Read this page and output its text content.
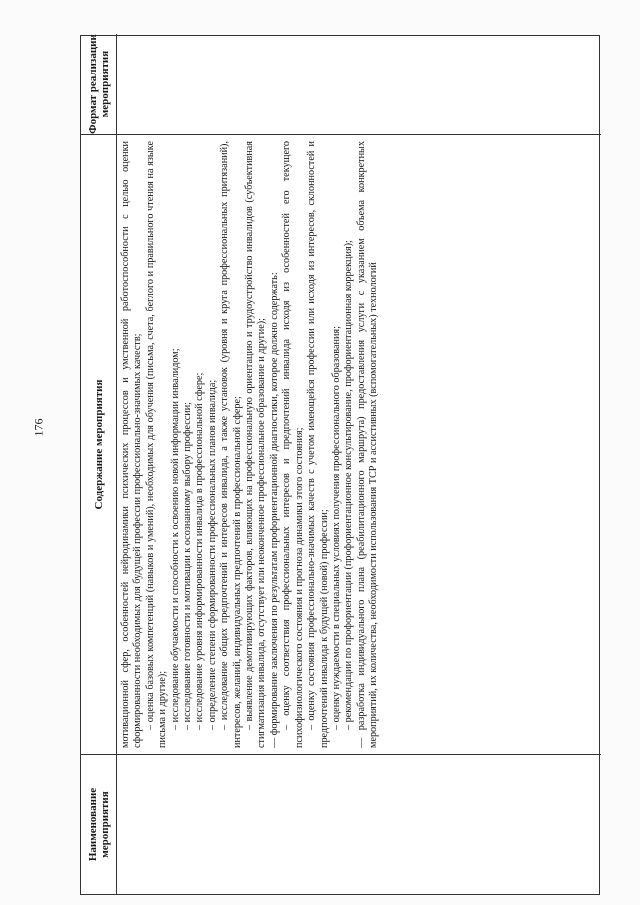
176
Наименование мероприятия
Содержание мероприятия
Формат реализации мероприятия

мотивационной сфер, особенностей нейродинамики психических процессов и умственной работоспособности с целью оценки сформированности необходимых для будущей профессии профессионально-значимых качеств; – оценка базовых компетенций (навыков и умений), необходимых для обучения (письма, счета, беглого и правильного чтения на языке письма и другие); – исследование обучаемости и способности к освоению новой информации инвалидом; – исследование готовности и мотивации к осознанному выбору профессии; – исследование уровня информированности инвалида в профессиональной сфере; – определение степени сформированности профессиональных планов инвалида; – исследование общих предпочтений и интересов инвалида, а также установок (уровня и круга профессиональных притязаний), интересов, желаний, индивидуальных предпочтений в профессиональной сфере; – выявление демотивирующих факторов, влияющих на профессиональную ориентацию и трудоустройство инвалидов (субъективная стигматизация инвалида, отсутствует или неоконченное профессиональное образование и другие); — формирование заключения по результатам профориентационной диагностики, которое должно содержать: – оценку соответствия профессиональных интересов и предпочтений инвалида исходя из особенностей его текущего психофизиологического состояния и прогноза динамики этого состояния; – оценку состояния профессионально-значимых качеств с учетом имеющейся профессии или исходя из интересов, склонностей и предпочтений инвалида к будущей (новой) профессии; – оценку нуждаемости в специальных условиях получения профессионального образования; – рекомендации по профориентации (профориентационное консультирование, профориентационная коррекция); — разработка индивидуального плана (реабилитационного маршрута) предоставления услуги с указанием объема конкретных мероприятий, их количества, необходимости использования ТСР и ассистивных (вспомогательных) технологий
